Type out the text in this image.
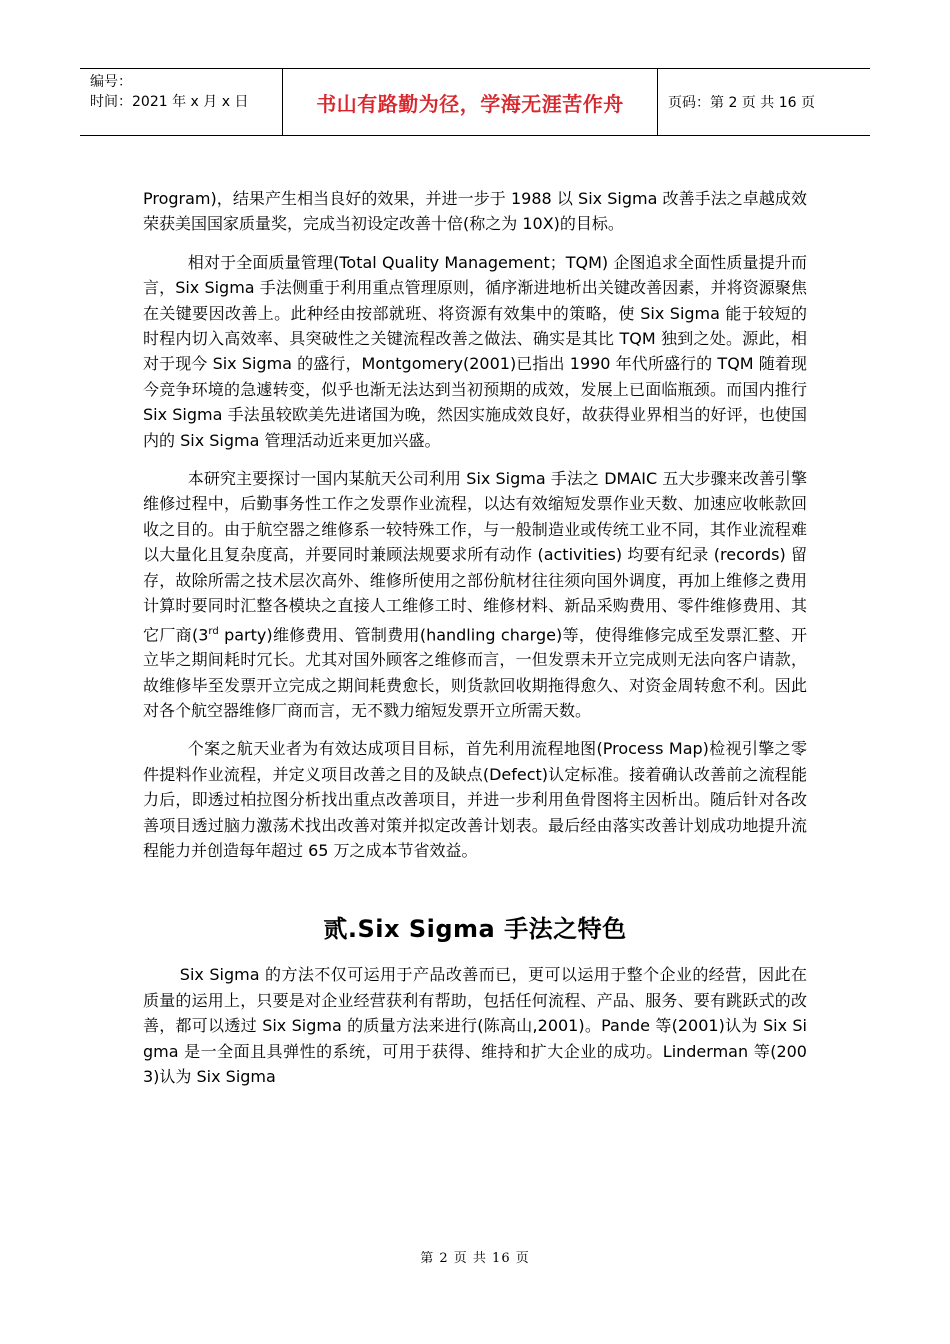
编号：
时间：2021 年 x 月 x 日	书山有路勤为径，学海无涯苦作舟	页码：第 2 页 共 16 页

Program)，结果产生相当良好的效果，并进一步于 1988 以 Six Sigma 改善手法之卓越成效荣获美国国家质量奖，完成当初设定改善十倍(称之为 10X)的目标。

相对于全面质量管理(Total Quality Management；TQM) 企图追求全面性质量提升而言，Six Sigma 手法侧重于利用重点管理原则，循序渐进地析出关键改善因素，并将资源聚焦在关键要因改善上。此种经由按部就班、将资源有效集中的策略，使 Six Sigma 能于较短的时程内切入高效率、具突破性之关键流程改善之做法、确实是其比 TQM 独到之处。源此，相对于现今 Six Sigma 的盛行，Montgomery(2001)已指出 1990 年代所盛行的 TQM 随着现今竞争环境的急遽转变，似乎也渐无法达到当初预期的成效，发展上已面临瓶颈。而国内推行 Six Sigma 手法虽较欧美先进诸国为晚，然因实施成效良好，故获得业界相当的好评，也使国内的 Six Sigma 管理活动近来更加兴盛。

本研究主要探讨一国内某航天公司利用 Six Sigma 手法之 DMAIC 五大步骤来改善引擎维修过程中，后勤事务性工作之发票作业流程，以达有效缩短发票作业天数、加速应收帐款回收之目的。由于航空器之维修系一较特殊工作，与一般制造业或传统工业不同，其作业流程难以大量化且复杂度高，并要同时兼顾法规要求所有动作 (activities) 均要有纪录 (records) 留存，故除所需之技术层次高外、维修所使用之部份航材往往须向国外调度，再加上维修之费用计算时要同时汇整各模块之直接人工维修工时、维修材料、新品采购费用、零件维修费用、其它厂商(3rd party)维修费用、管制费用(handling charge)等，使得维修完成至发票汇整、开立毕之期间耗时冗长。尤其对国外顾客之维修而言，一但发票未开立完成则无法向客户请款，故维修毕至发票开立完成之期间耗费愈长，则货款回收期拖得愈久、对资金周转愈不利。因此对各个航空器维修厂商而言，无不戮力缩短发票开立所需天数。

个案之航天业者为有效达成项目目标，首先利用流程地图(Process Map)检视引擎之零件提料作业流程，并定义项目改善之目的及缺点(Defect)认定标准。接着确认改善前之流程能力后，即透过柏拉图分析找出重点改善项目，并进一步利用鱼骨图将主因析出。随后针对各改善项目透过脑力激荡术找出改善对策并拟定改善计划表。最后经由落实改善计划成功地提升流程能力并创造每年超过 65 万之成本节省效益。

贰.Six Sigma 手法之特色

Six Sigma 的方法不仅可运用于产品改善而已，更可以运用于整个企业的经营，因此在质量的运用上，只要是对企业经营获利有帮助，包括任何流程、产品、服务、要有跳跃式的改善，都可以透过 Six Sigma 的质量方法来进行(陈高山,2001)。Pande 等(2001)认为 Six Sigma 是一全面且具弹性的系统，可用于获得、维持和扩大企业的成功。Linderman 等(2003)认为 Six Sigma

第 2 页 共 16 页
